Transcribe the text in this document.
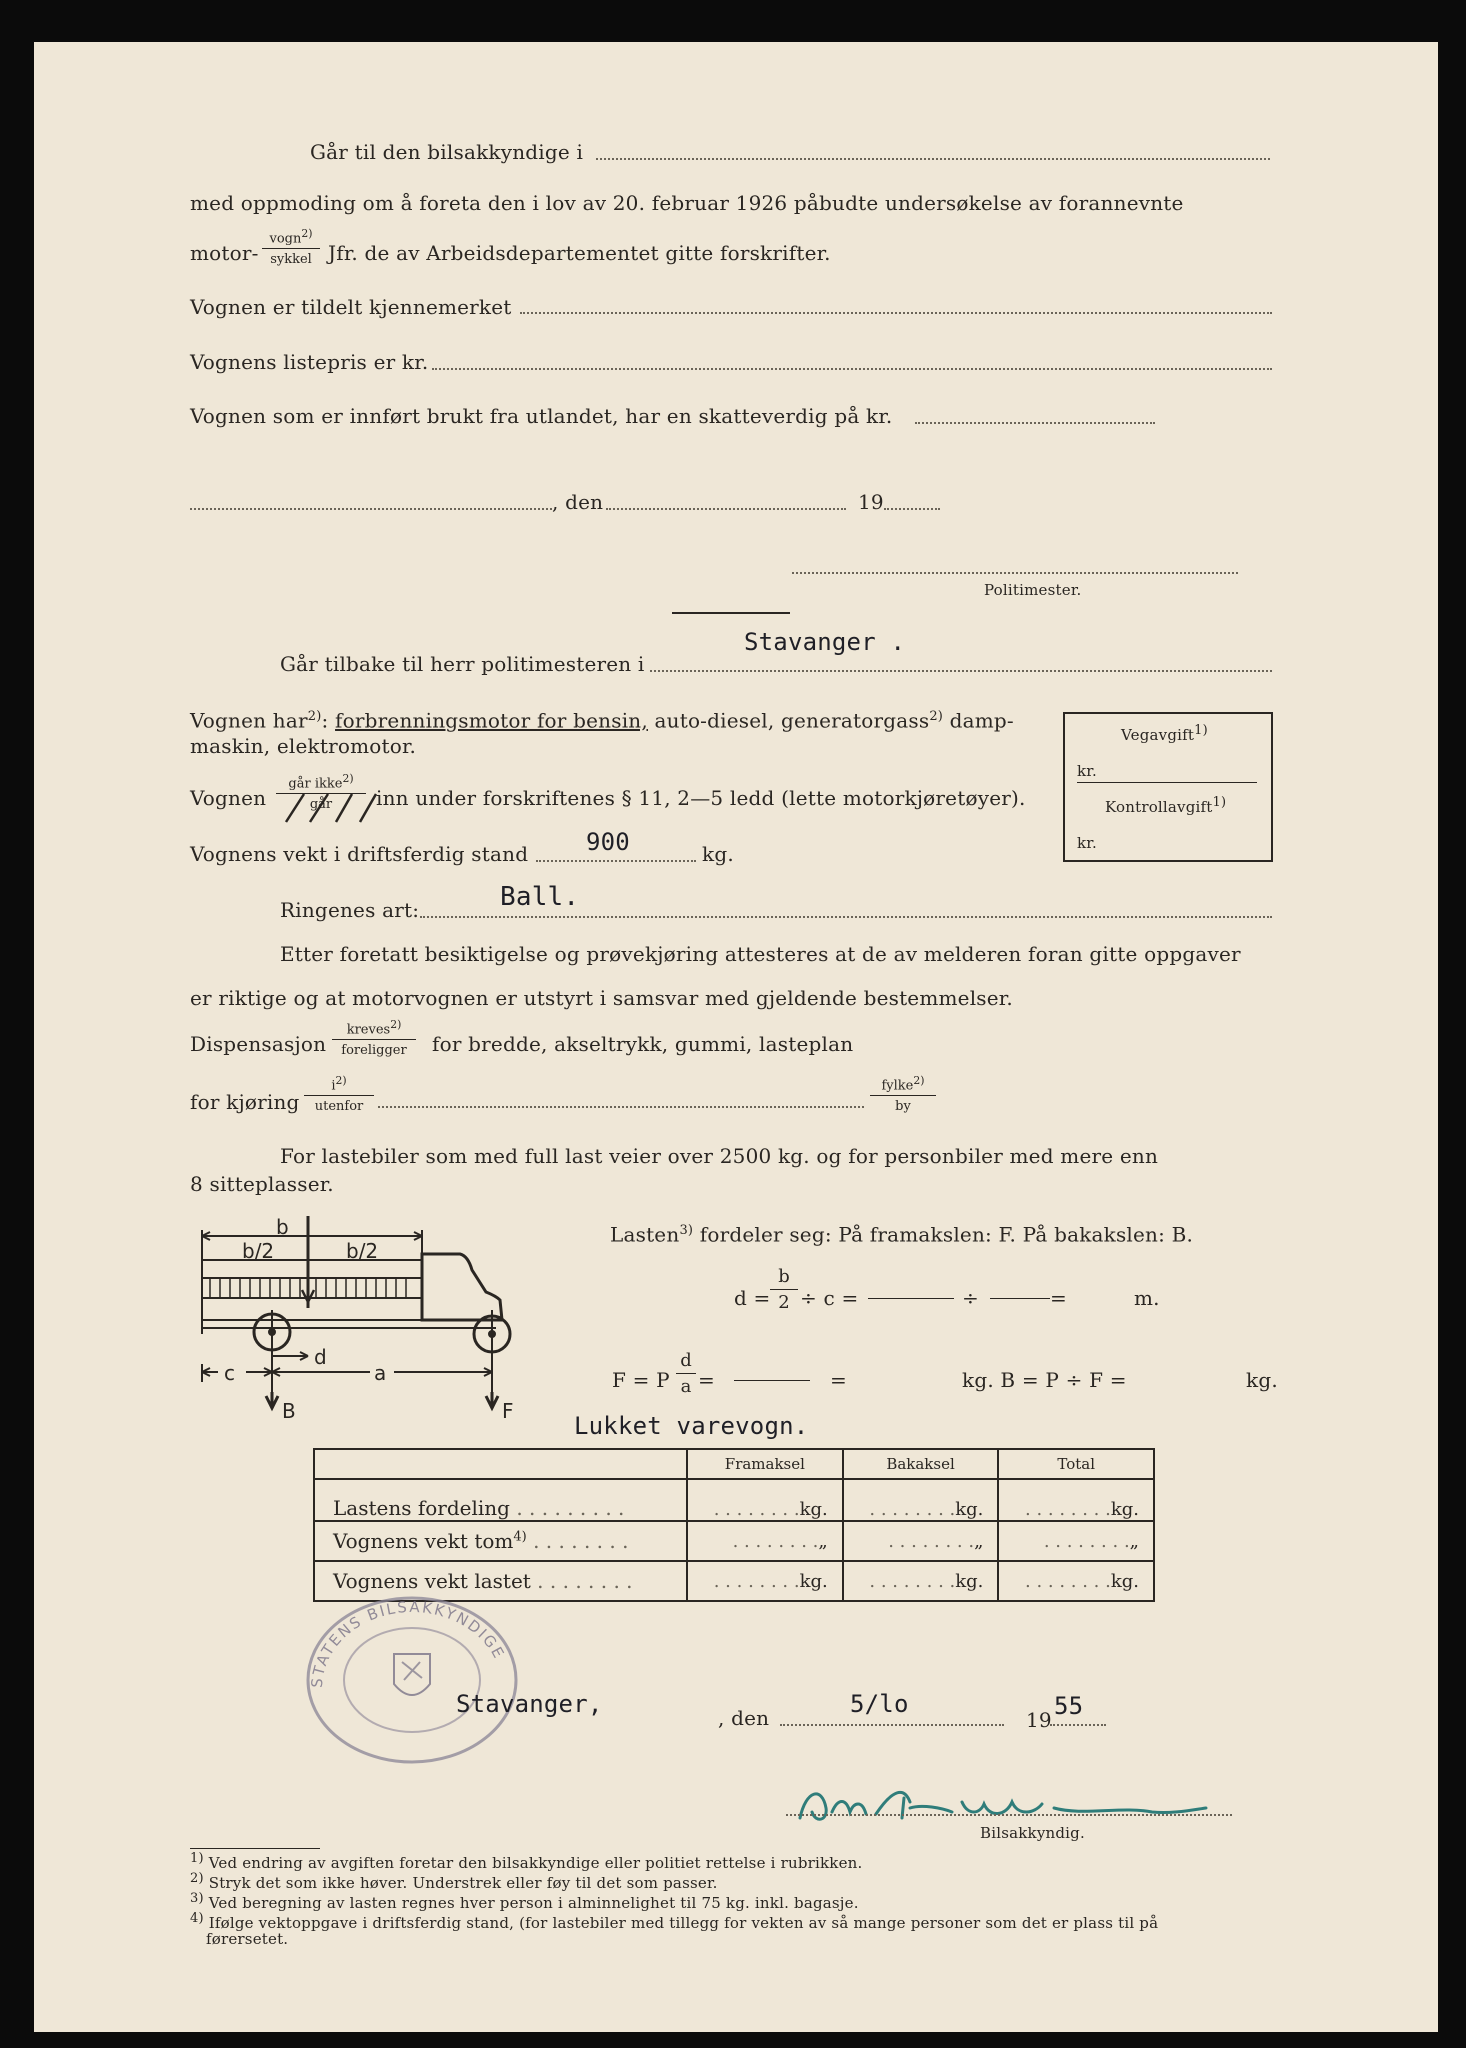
Går til den bilsakkyndige i
med oppmoding om å foreta den i lov av 20. februar 1926 påbudte undersøkelse av forannevnte
motor-
vogn$^{2)}$
sykkel Jfr. de av Arbeidsdepartementet gitte forskrifter.
Vognen er tildelt kjennemerket
Vognens listepris er kr.
Vognen som er innført brukt fra utlandet, har en skatteverdig på kr.
, den	19
Politimester.
Stavanger .
Går tilbake til herr politimesteren i
Vognen har$^{2)}$: forbrenningsmotor for bensin, auto-diesel, generatorgass$^{2)}$ damp-
maskin, elektromotor.	Vegavgift$^{1)}$
kr.
Kontrollavgift$^{1)}$
kr.
Vognen
går ikke$^{2)}$
går	inn under forskriftenes § 11, 2—5 ledd (lette motorkjøretøyer).
Vognens vekt i driftsferdig stand 900	kg.
Ringenes art:	Ball.
Etter foretatt besiktigelse og prøvekjøring attesteres at de av melderen foran gitte oppgaver
er riktige og at motorvognen er utstyrt i samsvar med gjeldende bestemmelser.
Dispensasjon
kreves$^{2)}$
foreligger	for bredde, akseltrykk, gummi, lasteplan
for kjøring
$i^{2)}$
utenfor
fylke$^{2)}$
by
For lastebiler som med full last veier over 2500 kg. og for personbiler med mere enn
8 sitteplasser.
b
b/2	b/2
c
d
a
B	F
Lasten$^{3)}$ fordeler seg: På framakslen: F. På bakakslen: B.
$d = \frac{b}{2} \div c$ =	÷	=	m.
F = P $\frac{d}{a}$ =	=	kg. B = P ÷ F =	kg.
Lukket varevogn.
	Framaksel	Bakaksel	Total
Lastens fordeling . . . . . . . . .	. . . . . . . .kg.	. . . . . . . .kg.	. . . . . . . .kg.
Vognens vekt tom$^{4)}$ . . . . . . . .	. . . . . . . .„	. . . . . . . .„	. . . . . . . .„
Vognens vekt lastet . . . . . . . .	. . . . . . . .kg.	. . . . . . . .kg.	. . . . . . . .kg.
STATENS BILSAKKYNDIGE
Stavanger,	, den	5/lo
19 55
Aa Hansen
Bilsakkyndig.
$^{1)}$ Ved endring av avgiften foretar den bilsakkyndige eller politiet rettelse i rubrikken.
$^{2)}$ Stryk det som ikke høver. Understrek eller føy til det som passer.
$^{3)}$ Ved beregning av lasten regnes hver person i alminnelighet til 75 kg. inkl. bagasje.
$^{4)}$ Ifølge vektoppgave i driftsferdig stand, (for lastebiler med tillegg for vekten av så mange personer som det er plass til på
førersetet.
